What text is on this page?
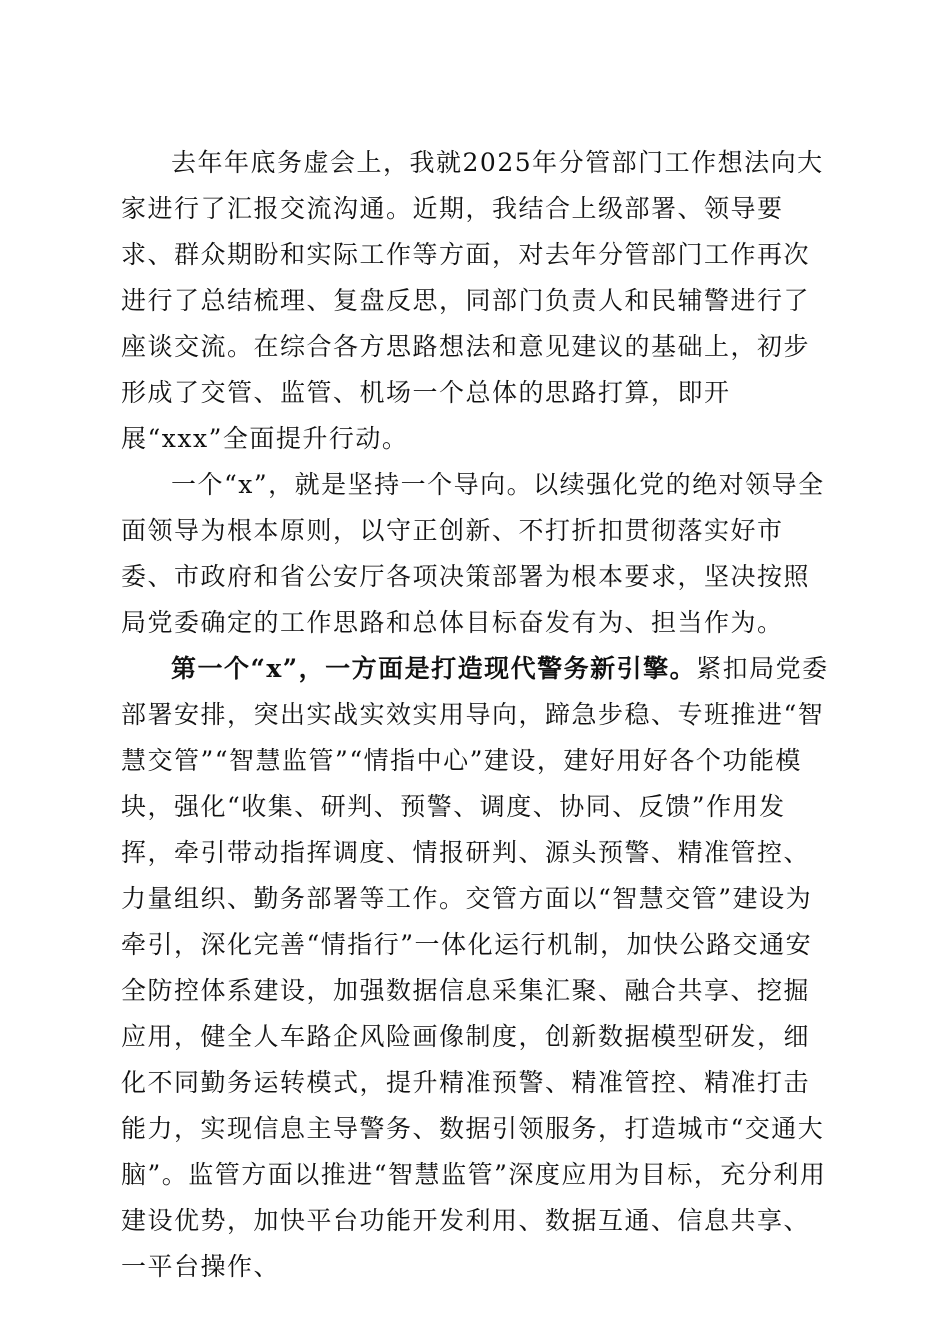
去年年底务虚会上，我就2025年分管部门工作想法向大家进行了汇报交流沟通。近期，我结合上级部署、领导要求、群众期盼和实际工作等方面，对去年分管部门工作再次进行了总结梳理、复盘反思，同部门负责人和民辅警进行了座谈交流。在综合各方思路想法和意见建议的基础上，初步形成了交管、监管、机场一个总体的思路打算，即开展“xxx”全面提升行动。

一个“x”，就是坚持一个导向。以续强化党的绝对领导全面领导为根本原则，以守正创新、不打折扣贯彻落实好市委、市政府和省公安厅各项决策部署为根本要求，坚决按照局党委确定的工作思路和总体目标奋发有为、担当作为。

第一个“x”，一方面是打造现代警务新引擎。紧扣局党委部署安排，突出实战实效实用导向，蹄急步稳、专班推进“智慧交管”“智慧监管”“情指中心”建设，建好用好各个功能模块，强化“收集、研判、预警、调度、协同、反馈”作用发挥，牵引带动指挥调度、情报研判、源头预警、精准管控、力量组织、勤务部署等工作。交管方面以“智慧交管”建设为牵引，深化完善“情指行”一体化运行机制，加快公路交通安全防控体系建设，加强数据信息采集汇聚、融合共享、挖掘应用，健全人车路企风险画像制度，创新数据模型研发，细化不同勤务运转模式，提升精准预警、精准管控、精准打击能力，实现信息主导警务、数据引领服务，打造城市“交通大脑”。监管方面以推进“智慧监管”深度应用为目标，充分利用建设优势，加快平台功能开发利用、数据互通、信息共享、一平台操作、
